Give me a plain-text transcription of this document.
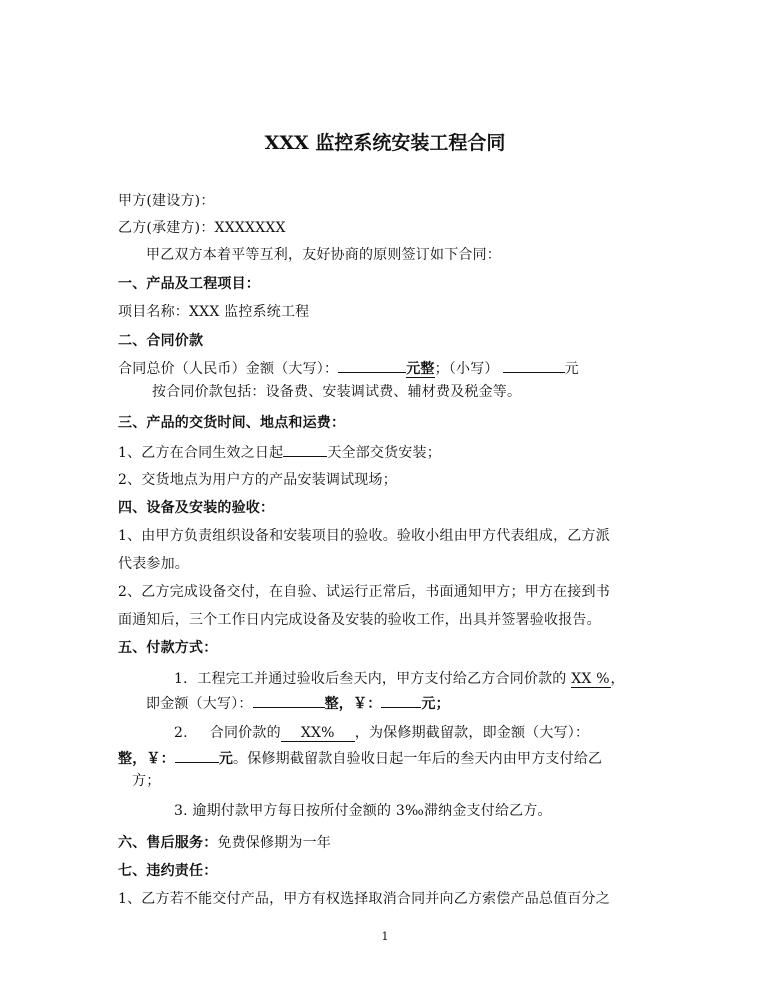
XXX 监控系统安装工程合同
甲方(建设方)：
乙方(承建方)：XXXXXXX
甲乙双方本着平等互利，友好协商的原则签订如下合同：
一、产品及工程项目：
项目名称：XXX 监控系统工程
二、合同价款
合同总价（人民币）金额（大写）：	元整；（小写）	元
按合同价款包括：设备费、安装调试费、辅材费及税金等。
三、产品的交货时间、地点和运费：
1、乙方在合同生效之日起	天全部交货安装；
2、交货地点为用户方的产品安装调试现场；
四、设备及安装的验收：
1、由甲方负责组织设备和安装项目的验收。验收小组由甲方代表组成，乙方派
代表参加。
2、乙方完成设备交付，在自验、试运行正常后，书面通知甲方；甲方在接到书
面通知后，三个工作日内完成设备及安装的验收工作，出具并签署验收报告。
五、付款方式：
1．工程完工并通过验收后叁天内，甲方支付给乙方合同价款的 XX %，
即金额（大写）：	整，￥：	元；
2. 合同价款的 XX% ，为保修期截留款，即金额（大写）：
整，￥：	元。保修期截留款自验收日起一年后的叁天内由甲方支付给乙
方；
3. 逾期付款甲方每日按所付金额的 3‰滞纳金支付给乙方。
六、售后服务：免费保修期为一年
七、违约责任：
1、乙方若不能交付产品，甲方有权选择取消合同并向乙方索偿产品总值百分之
1
